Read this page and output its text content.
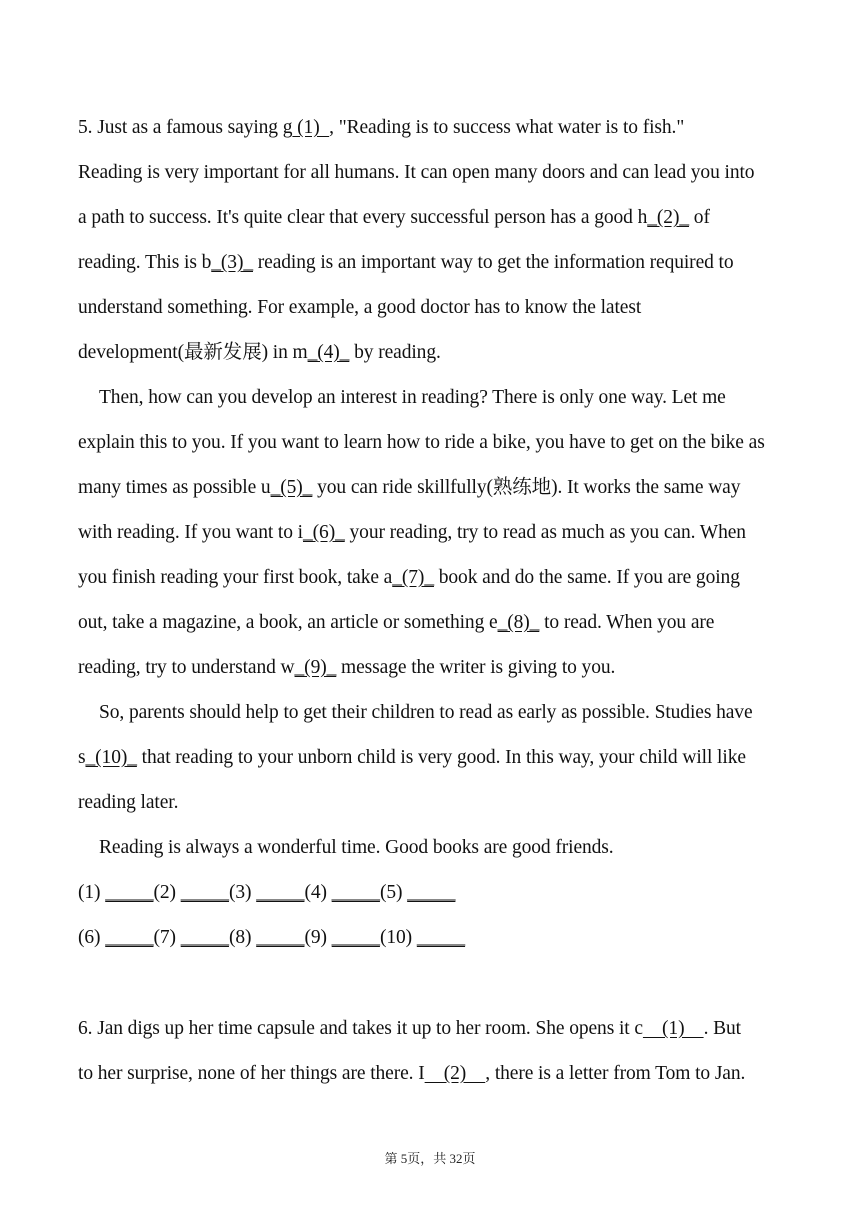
5. Just as a famous saying g (1)  , "Reading is to success what water is to fish."
Reading is very important for all humans. It can open many doors and can lead you into
a path to success. It's quite clear that every successful person has a good h_(2)_ of
reading. This is b_(3)_ reading is an important way to get the information required to
understand something. For example, a good doctor has to know the latest
development(最新发展) in m_(4)_ by reading.
Then, how can you develop an interest in reading? There is only one way. Let me
explain this to you. If you want to learn how to ride a bike, you have to get on the bike as
many times as possible u_(5)_ you can ride skillfully(熟练地). It works the same way
with reading. If you want to i_(6)_ your reading, try to read as much as you can. When
you finish reading your first book, take a_(7)_ book and do the same. If you are going
out, take a magazine, a book, an article or something e_(8)_ to read. When you are
reading, try to understand w_(9)_ message the writer is giving to you.
So, parents should help to get their children to read as early as possible. Studies have
s_(10)_ that reading to your unborn child is very good. In this way, your child will like
reading later.
Reading is always a wonderful time. Good books are good friends.
(1) _____(2) _____(3) _____(4) _____(5) _____
(6) _____(7) _____(8) _____(9) _____(10) _____
6. Jan digs up her time capsule and takes it up to her room. She opens it c    (1)    . But
to her surprise, none of her things are there. I    (2)    , there is a letter from Tom to Jan.
第 5页，共 32页
